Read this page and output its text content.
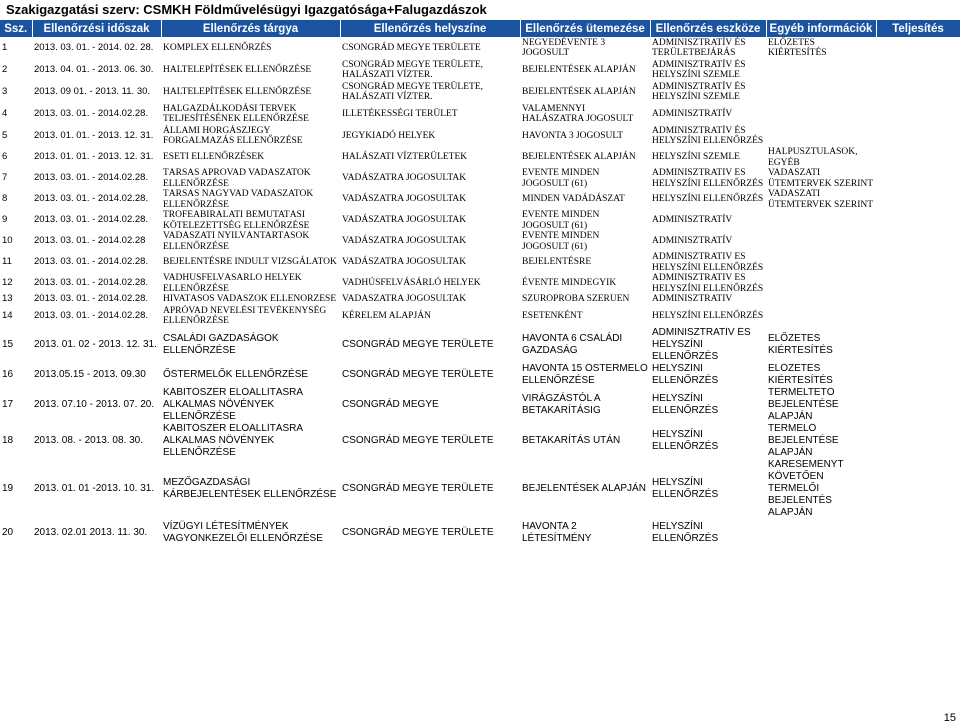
Szakigazgatási szerv: CSMKH Földművelésügyi Igazgatósága+Falugazdászok
Ssz.	Ellenőrzési időszak	Ellenőrzés tárgya	Ellenőrzés helyszíne	Ellenőrzés ütemezése	Ellenőrzés eszköze	Egyéb információk	Teljesítés
1	2013. 03. 01. - 2014. 02. 28.	KOMPLEX ELLENŐRZÉS	CSONGRÁD MEGYE TERÜLETE	NEGYEDÉVENTE 3 JOGOSULT	ADMINISZTRATÍV ÉS TERÜLETBEJÁRÁS	ELŐZETES KIÉRTESÍTÉS	
2	2013. 04. 01. - 2013. 06. 30.	HALTELEPÍTÉSEK ELLENŐRZÉSE	CSONGRÁD MEGYE TERÜLETE, HALÁSZATI VÍZTER.	BEJELENTÉSEK ALAPJÁN	ADMINISZTRATÍV ÉS HELYSZÍNI SZEMLE		
3	2013. 09 01. - 2013. 11. 30.	HALTELEPÍTÉSEK ELLENŐRZÉSE	CSONGRÁD MEGYE TERÜLETE, HALÁSZATI VÍZTER.	BEJELENTÉSEK ALAPJÁN	ADMINISZTRATÍV ÉS HELYSZÍNI SZEMLE		
4	2013. 03. 01. - 2014.02.28.	HALGAZDÁLKODÁSI TERVEK TELJESÍTÉSÉNEK ELLENŐRZÉSE	ILLETÉKESSÉGI TERÜLET	VALAMENNYI HALÁSZATRA JOGOSULT	ADMINISZTRATÍV		
5	2013. 01. 01. - 2013. 12. 31.	ÁLLAMI HORGÁSZJEGY FORGALMAZÁS ELLENŐRZÉSE	JEGYKIADÓ HELYEK	HAVONTA 3 JOGOSULT	ADMINISZTRATÍV ÉS HELYSZÍNI ELLENŐRZÉS		
6	2013. 01. 01. - 2013. 12. 31.	ESETI ELLENŐRZÉSEK	HALÁSZATI VÍZTERÜLETEK	BEJELENTÉSEK ALAPJÁN	HELYSZÍNI SZEMLE	HALPUSZTULÁSOK, EGYÉB	
7	2013. 03. 01. - 2014.02.28.	TÁRSAS APRÓVAD VADÁSZATOK ELLENŐRZÉSE	VADÁSZATRA JOGOSULTAK	ÉVENTE MINDEN JOGOSULT (61)	ADMINISZTRATÍV ÉS HELYSZÍNI ELLENŐRZÉS	VADÁSZATI ÜTEMTERVEK SZERINT	
8	2013. 03. 01. - 2014.02.28.	TÁRSAS NAGYVAD VADÁSZATOK ELLENŐRZÉSE	VADÁSZATRA JOGOSULTAK	MINDEN VADÁDÁSZAT	HELYSZÍNI ELLENŐRZÉS	VADÁSZATI ÜTEMTERVEK SZERINT	
9	2013. 03. 01. - 2014.02.28.	TRÓFEABÍRÁLATI BEMUTATÁSI KÖTELEZETTSÉG ELLENŐRZÉSE	VADÁSZATRA JOGOSULTAK	ÉVENTE MINDEN JOGOSULT (61)	ADMINISZTRATÍV		
10	2013. 03. 01. - 2014.02.28	VADÁSZATI NYILVÁNTARTÁSOK ELLENŐRZÉSE	VADÁSZATRA JOGOSULTAK	ÉVENTE MINDEN JOGOSULT (61)	ADMINISZTRATÍV		
11	2013. 03. 01. - 2014.02.28.	BEJELENTÉSRE INDULT VIZSGÁLATOK	VADÁSZATRA JOGOSULTAK	BEJELENTÉSRE	ADMINISZTRATÍV ÉS HELYSZÍNI ELLENŐRZÉS		
12	2013. 03. 01. - 2014.02.28.	VADHÚSFELVÁSÁRLÓ HELYEK ELLENŐRZÉSE	VADHÚSFELVÁSÁRLÓ HELYEK	ÉVENTE MINDEGYIK	ADMINISZTRATÍV ÉS HELYSZÍNI ELLENŐRZÉS		
13	2013. 03. 01. - 2014.02.28.	HIVATÁSOS VADÁSZOK ELLENŐRZÉSE	VADÁSZATRA JOGOSULTAK	SZÚRÓPRÓBA SZERŰEN	ADMINISZTRATÍV		
14	2013. 03. 01. - 2014.02.28.	APRÓVAD NEVELÉSI TEVÉKENYSÉG ELLENŐRZÉSE	KÉRELEM ALAPJÁN	ESETENKÉNT	HELYSZÍNI ELLENŐRZÉS		
15	2013. 01. 02 - 2013. 12. 31.	CSALÁDI GAZDASÁGOK ELLENŐRZÉSE	CSONGRÁD MEGYE TERÜLETE	HAVONTA 6 CSALÁDI GAZDASÁG	ADMINISZTRATÍV ÉS HELYSZÍNI ELLENŐRZÉS	ELŐZETES KIÉRTESÍTÉS	
16	2013.05.15 - 2013. 09.30	ŐSTERMELŐK ELLENŐRZÉSE	CSONGRÁD MEGYE TERÜLETE	HAVONTA 15 ŐSTERMELŐ ELLENŐRZÉSE	HELYSZÍNI ELLENŐRZÉS	ELŐZETES KIÉRTESÍTÉS	
17	2013. 07.10 - 2013. 07. 20.	KÁBÍTÓSZER ELŐÁLLÍTÁSRA ALKALMAS NÖVÉNYEK ELLENŐRZÉSE	CSONGRÁD MEGYE	VIRÁGZÁSTÓL A BETAKARÍTÁSIG	HELYSZÍNI ELLENŐRZÉS	TERMELTETŐ BEJELENTÉSE ALAPJÁN	
18	2013. 08. - 2013. 08. 30.	KÁBÍTÓSZER ELŐÁLLÍTÁSRA ALKALMAS NÖVÉNYEK ELLENŐRZÉSE	CSONGRÁD MEGYE TERÜLETE	BETAKARÍTÁS UTÁN	HELYSZÍNI ELLENŐRZÉS	TERMELŐ BEJELENTÉSE ALAPJÁN	
19	2013. 01. 01 -2013. 10. 31.	MEZŐGAZDASÁGI KÁRBEJELENTÉSEK ELLENŐRZÉSE	CSONGRÁD MEGYE TERÜLETE	BEJELENTÉSEK ALAPJÁN	HELYSZÍNI ELLENŐRZÉS	KÁRESEMÉNYT KÖVETŐEN TERMELŐI BEJELENTÉS ALAPJÁN	
20	2013. 02.01 2013. 11. 30.	VÍZÜGYI LÉTESÍTMÉNYEK VAGYONKEZELŐI ELLENŐRZÉSE	CSONGRÁD MEGYE TERÜLETE	HAVONTA 2 LÉTESÍTMÉNY	HELYSZÍNI ELLENŐRZÉS		
15
